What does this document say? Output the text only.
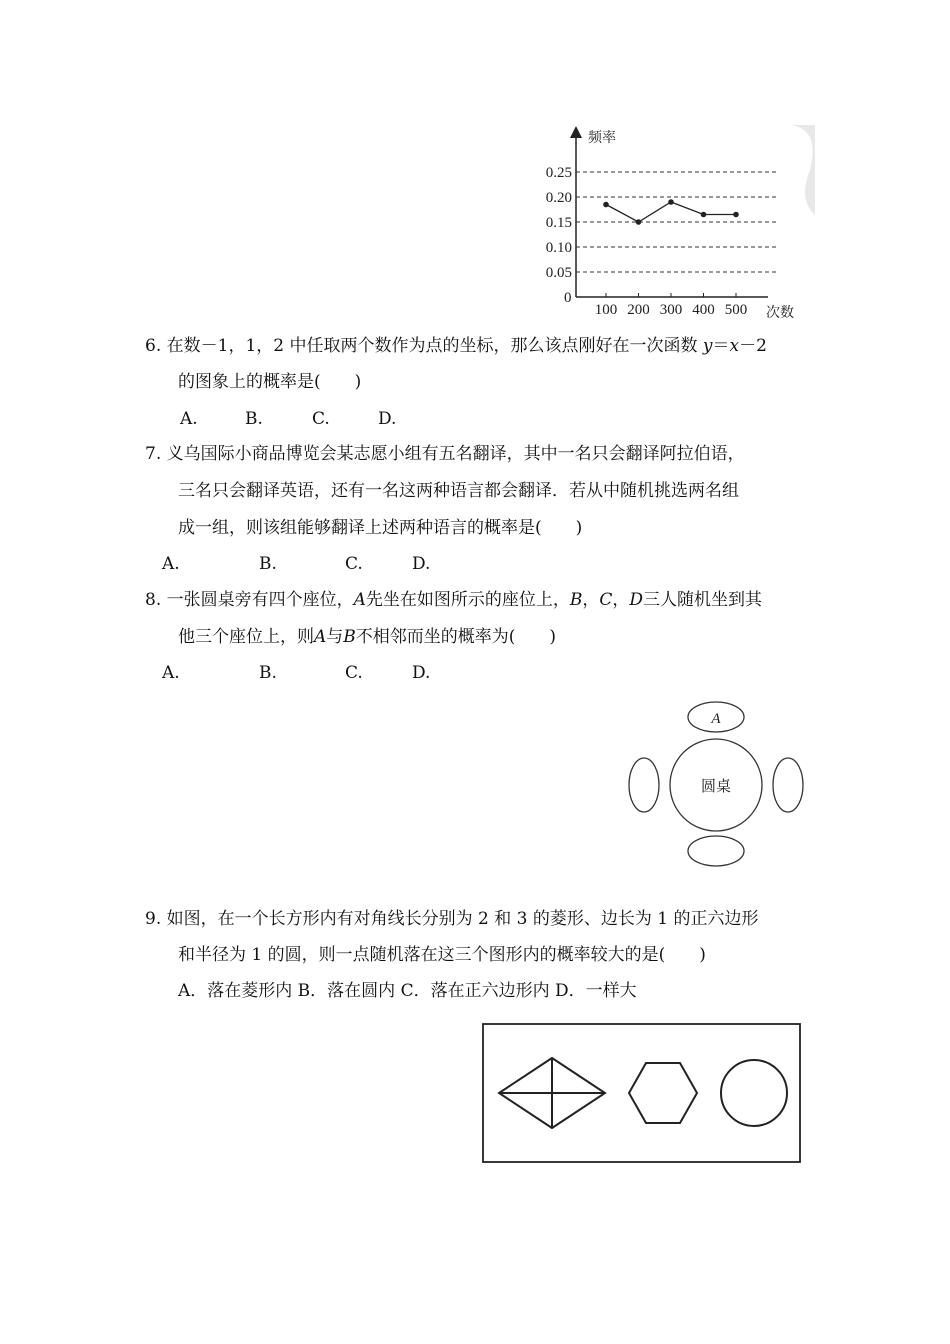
0.25
0.20
0.15
0.10
0.05
100 200 300 400 500
频率
次数
0
6. 在数－1，1，2 中任取两个数作为点的坐标，那么该点刚好在一次函数 y＝x－2
的图象上的概率是(　　)
A.	B.	C.	D.
7. 义乌国际小商品博览会某志愿小组有五名翻译，其中一名只会翻译阿拉伯语，
三名只会翻译英语，还有一名这两种语言都会翻译．若从中随机挑选两名组
成一组，则该组能够翻译上述两种语言的概率是(　　)
A.	B.	C.	D.
8. 一张圆桌旁有四个座位，A先坐在如图所示的座位上，B，C，D三人随机坐到其
他三个座位上，则A与B不相邻而坐的概率为(　　)
A.	B.	C.	D.
A
圆桌
9. 如图，在一个长方形内有对角线长分别为 2 和 3 的菱形、边长为 1 的正六边形
和半径为 1 的圆，则一点随机落在这三个图形内的概率较大的是(　　)
A．落在菱形内 B．落在圆内 C．落在正六边形内 D．一样大
